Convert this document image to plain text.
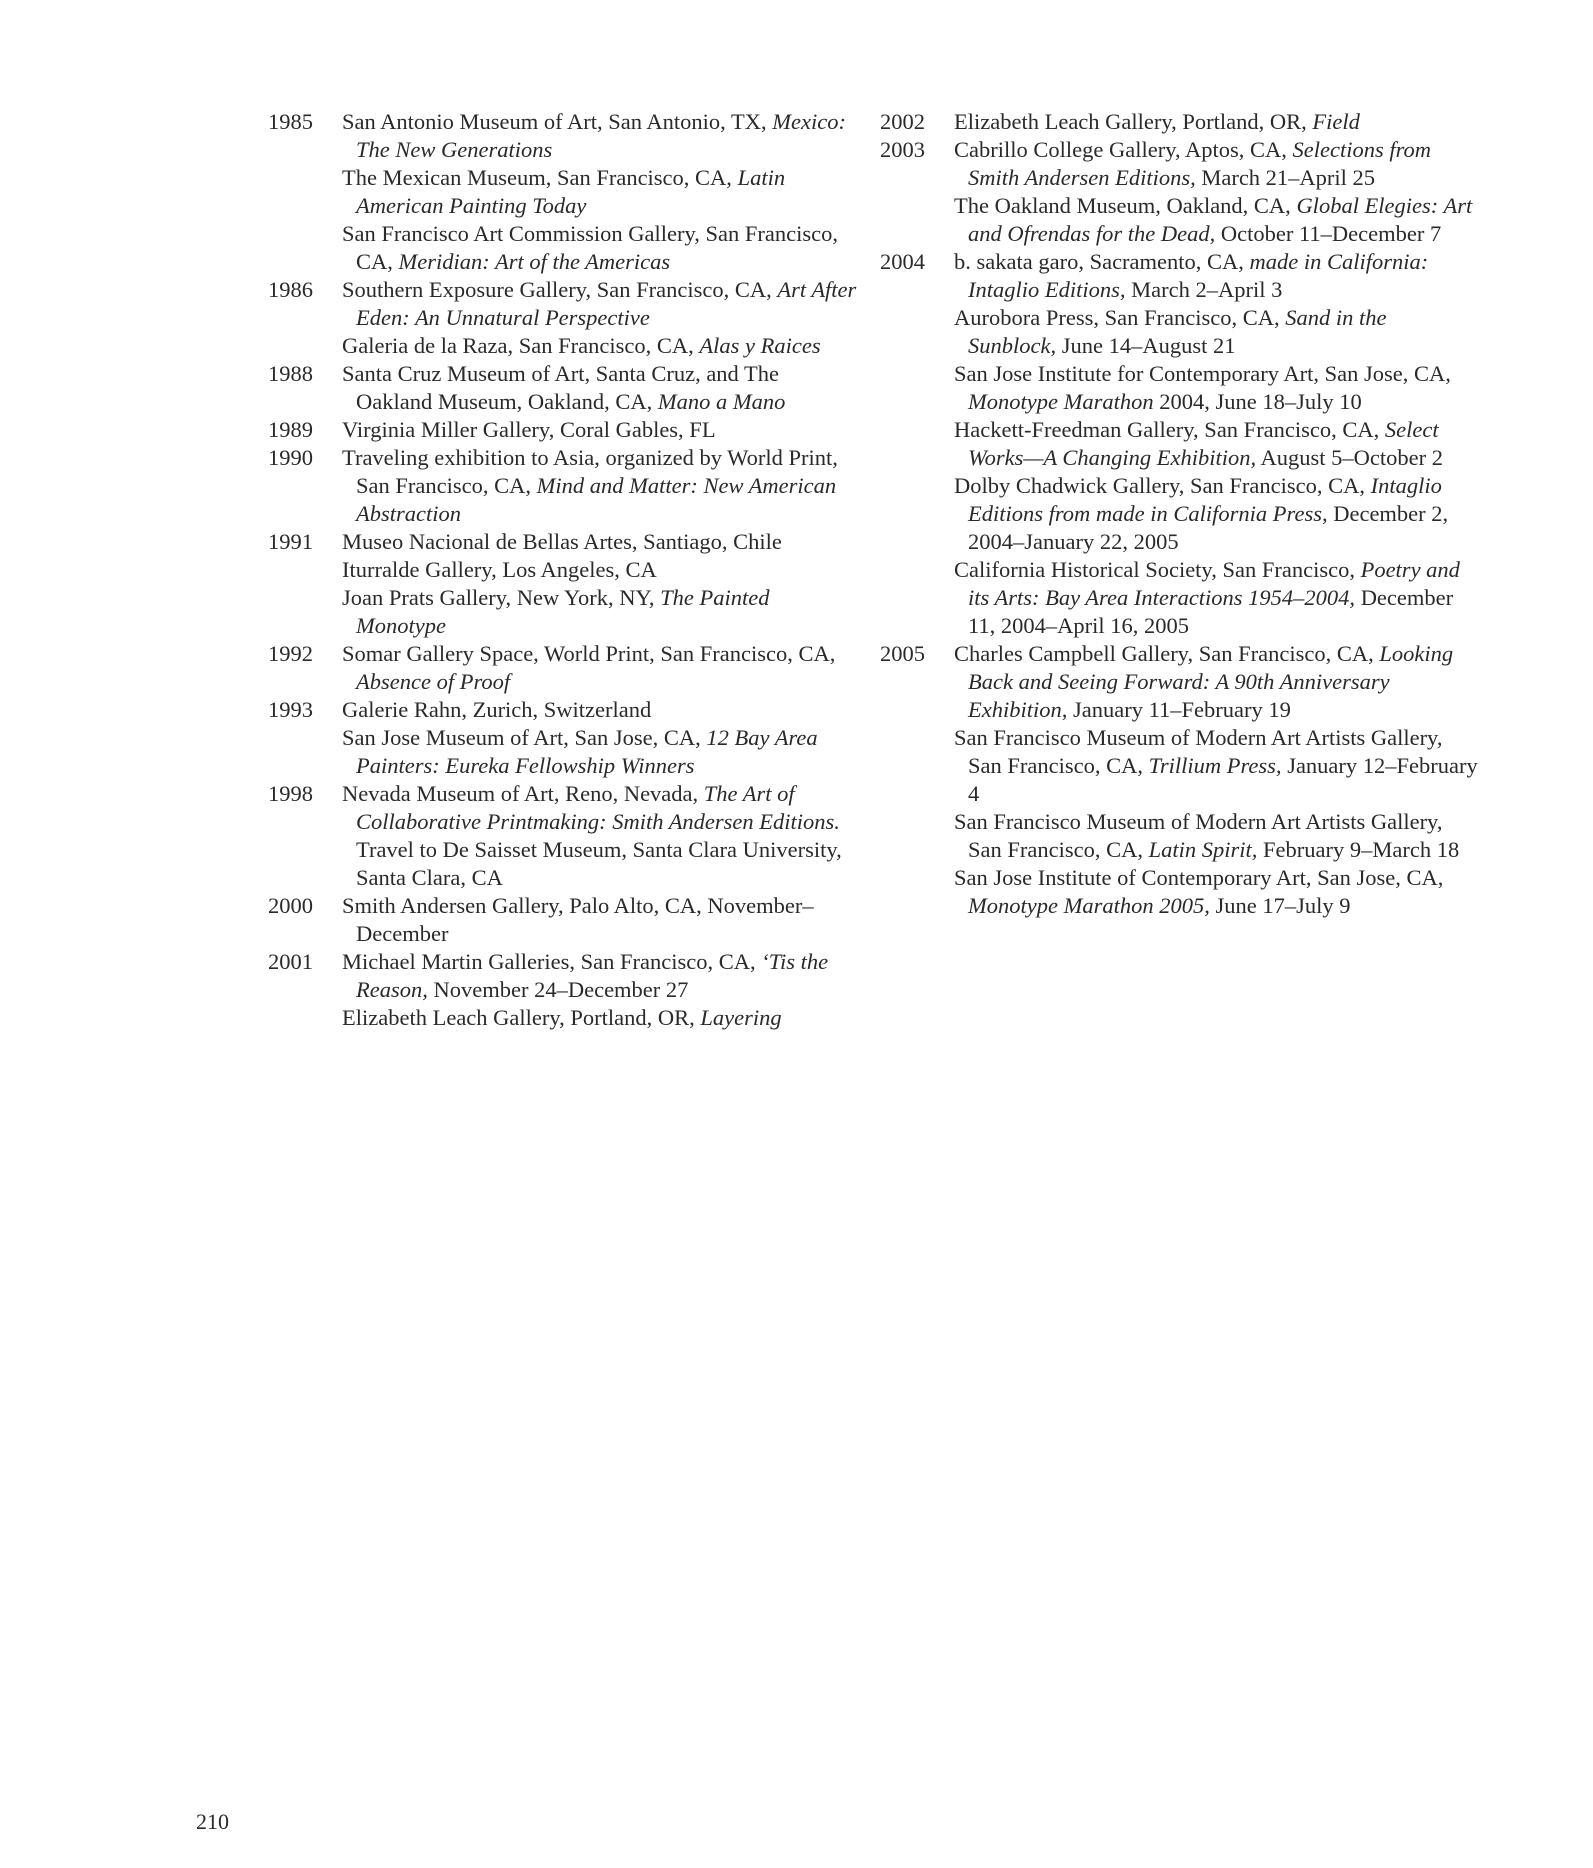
1985	San Antonio Museum of Art, San Antonio, TX, Mexico: The New Generations
The Mexican Museum, San Francisco, CA, Latin American Painting Today
San Francisco Art Commission Gallery, San Francisco, CA, Meridian: Art of the Americas
1986	Southern Exposure Gallery, San Francisco, CA, Art After Eden: An Unnatural Perspective
Galeria de la Raza, San Francisco, CA, Alas y Raices
1988	Santa Cruz Museum of Art, Santa Cruz, and The Oakland Museum, Oakland, CA, Mano a Mano
1989	Virginia Miller Gallery, Coral Gables, FL
1990	Traveling exhibition to Asia, organized by World Print, San Francisco, CA, Mind and Matter: New American Abstraction
1991	Museo Nacional de Bellas Artes, Santiago, Chile
Iturralde Gallery, Los Angeles, CA
Joan Prats Gallery, New York, NY, The Painted Monotype
1992	Somar Gallery Space, World Print, San Francisco, CA, Absence of Proof
1993	Galerie Rahn, Zurich, Switzerland
San Jose Museum of Art, San Jose, CA, 12 Bay Area Painters: Eureka Fellowship Winners
1998	Nevada Museum of Art, Reno, Nevada, The Art of Collaborative Printmaking: Smith Andersen Editions. Travel to De Saisset Museum, Santa Clara University, Santa Clara, CA
2000	Smith Andersen Gallery, Palo Alto, CA, November–December
2001	Michael Martin Galleries, San Francisco, CA, ‘Tis the Reason, November 24–December 27
Elizabeth Leach Gallery, Portland, OR, Layering
2002	Elizabeth Leach Gallery, Portland, OR, Field
2003	Cabrillo College Gallery, Aptos, CA, Selections from Smith Andersen Editions, March 21–April 25
The Oakland Museum, Oakland, CA, Global Elegies: Art and Ofrendas for the Dead, October 11–December 7
2004	b. sakata garo, Sacramento, CA, made in California: Intaglio Editions, March 2–April 3
Aurobora Press, San Francisco, CA, Sand in the Sunblock, June 14–August 21
San Jose Institute for Contemporary Art, San Jose, CA, Monotype Marathon 2004, June 18–July 10
Hackett-Freedman Gallery, San Francisco, CA, Select Works—A Changing Exhibition, August 5–October 2
Dolby Chadwick Gallery, San Francisco, CA, Intaglio Editions from made in California Press, December 2, 2004–January 22, 2005
California Historical Society, San Francisco, Poetry and its Arts: Bay Area Interactions 1954–2004, December 11, 2004–April 16, 2005
2005	Charles Campbell Gallery, San Francisco, CA, Looking Back and Seeing Forward: A 90th Anniversary Exhibition, January 11–February 19
San Francisco Museum of Modern Art Artists Gallery, San Francisco, CA, Trillium Press, January 12–February 4
San Francisco Museum of Modern Art Artists Gallery, San Francisco, CA, Latin Spirit, February 9–March 18
San Jose Institute of Contemporary Art, San Jose, CA, Monotype Marathon 2005, June 17–July 9
210
